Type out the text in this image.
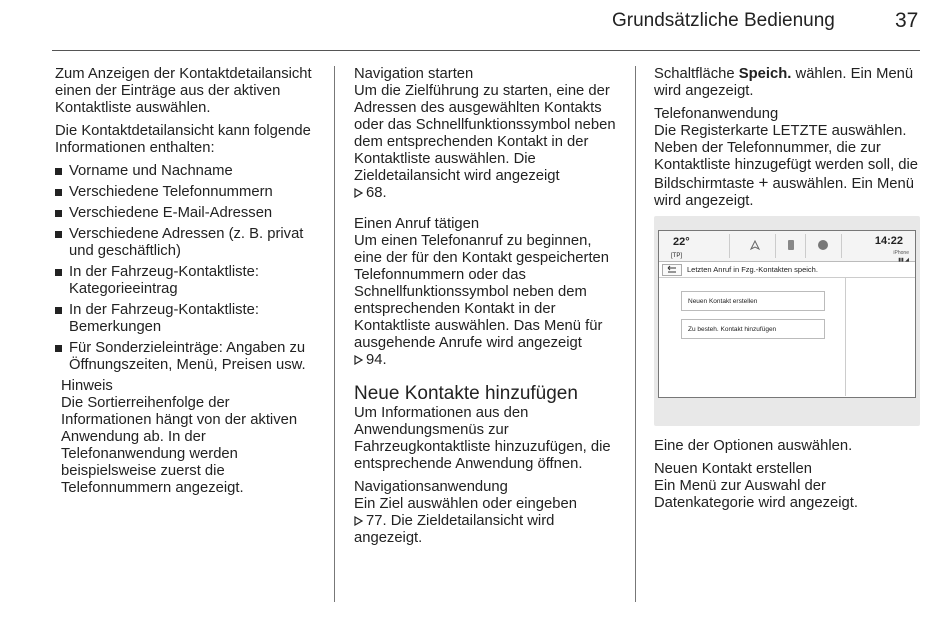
Grundsätzliche Bedienung	37

Zum Anzeigen der Kontaktdetailansicht einen der Einträge aus der aktiven Kontaktliste auswählen.

Die Kontaktdetailansicht kann folgende Informationen enthalten:

Vorname und Nachname
Verschiedene Telefonnummern
Verschiedene E-Mail-Adressen
Verschiedene Adressen (z. B. privat und geschäftlich)
In der Fahrzeug-Kontaktliste: Kategorieeintrag
In der Fahrzeug-Kontaktliste: Bemerkungen
Für Sonderzieleinträge: Angaben zu Öffnungszeiten, Menü, Preisen usw.
Hinweis
Die Sortierreihenfolge der Informationen hängt von der aktiven Anwendung ab. In der Telefonanwendung werden beispielsweise zuerst die Telefonnummern angezeigt.
Navigation starten

Um die Zielführung zu starten, eine der Adressen des ausgewählten Kontakts oder das Schnellfunktionssymbol neben dem entsprechenden Kontakt in der Kontaktliste auswählen. Die Zieldetailansicht wird angezeigt
68.

Einen Anruf tätigen

Um einen Telefonanruf zu beginnen, eine der für den Kontakt gespeicherten Telefonnummern oder das Schnellfunktionssymbol neben dem entsprechenden Kontakt in der Kontaktliste auswählen. Das Menü für ausgehende Anrufe wird angezeigt
94.

Neue Kontakte hinzufügen

Um Informationen aus den Anwendungsmenüs zur Fahrzeugkontaktliste hinzuzufügen, die entsprechende Anwendung öffnen.

Navigationsanwendung

Ein Ziel auswählen oder eingeben
77. Die Zieldetailansicht wird angezeigt.

Schaltfläche Speich. wählen. Ein Menü wird angezeigt.

Telefonanwendung

Die Registerkarte LETZTE auswählen. Neben der Telefonnummer, die zur Kontaktliste hinzugefügt werden soll, die Bildschirmtaste + auswählen. Ein Menü wird angezeigt.

22°
[TP]
14:22
iPhone
▮▮ ◢
Letzten Anruf in Fzg.-Kontakten speich.
Neuen Kontakt erstellen
Zu besteh. Kontakt hinzufügen

Eine der Optionen auswählen.

Neuen Kontakt erstellen

Ein Menü zur Auswahl der Datenkategorie wird angezeigt.
